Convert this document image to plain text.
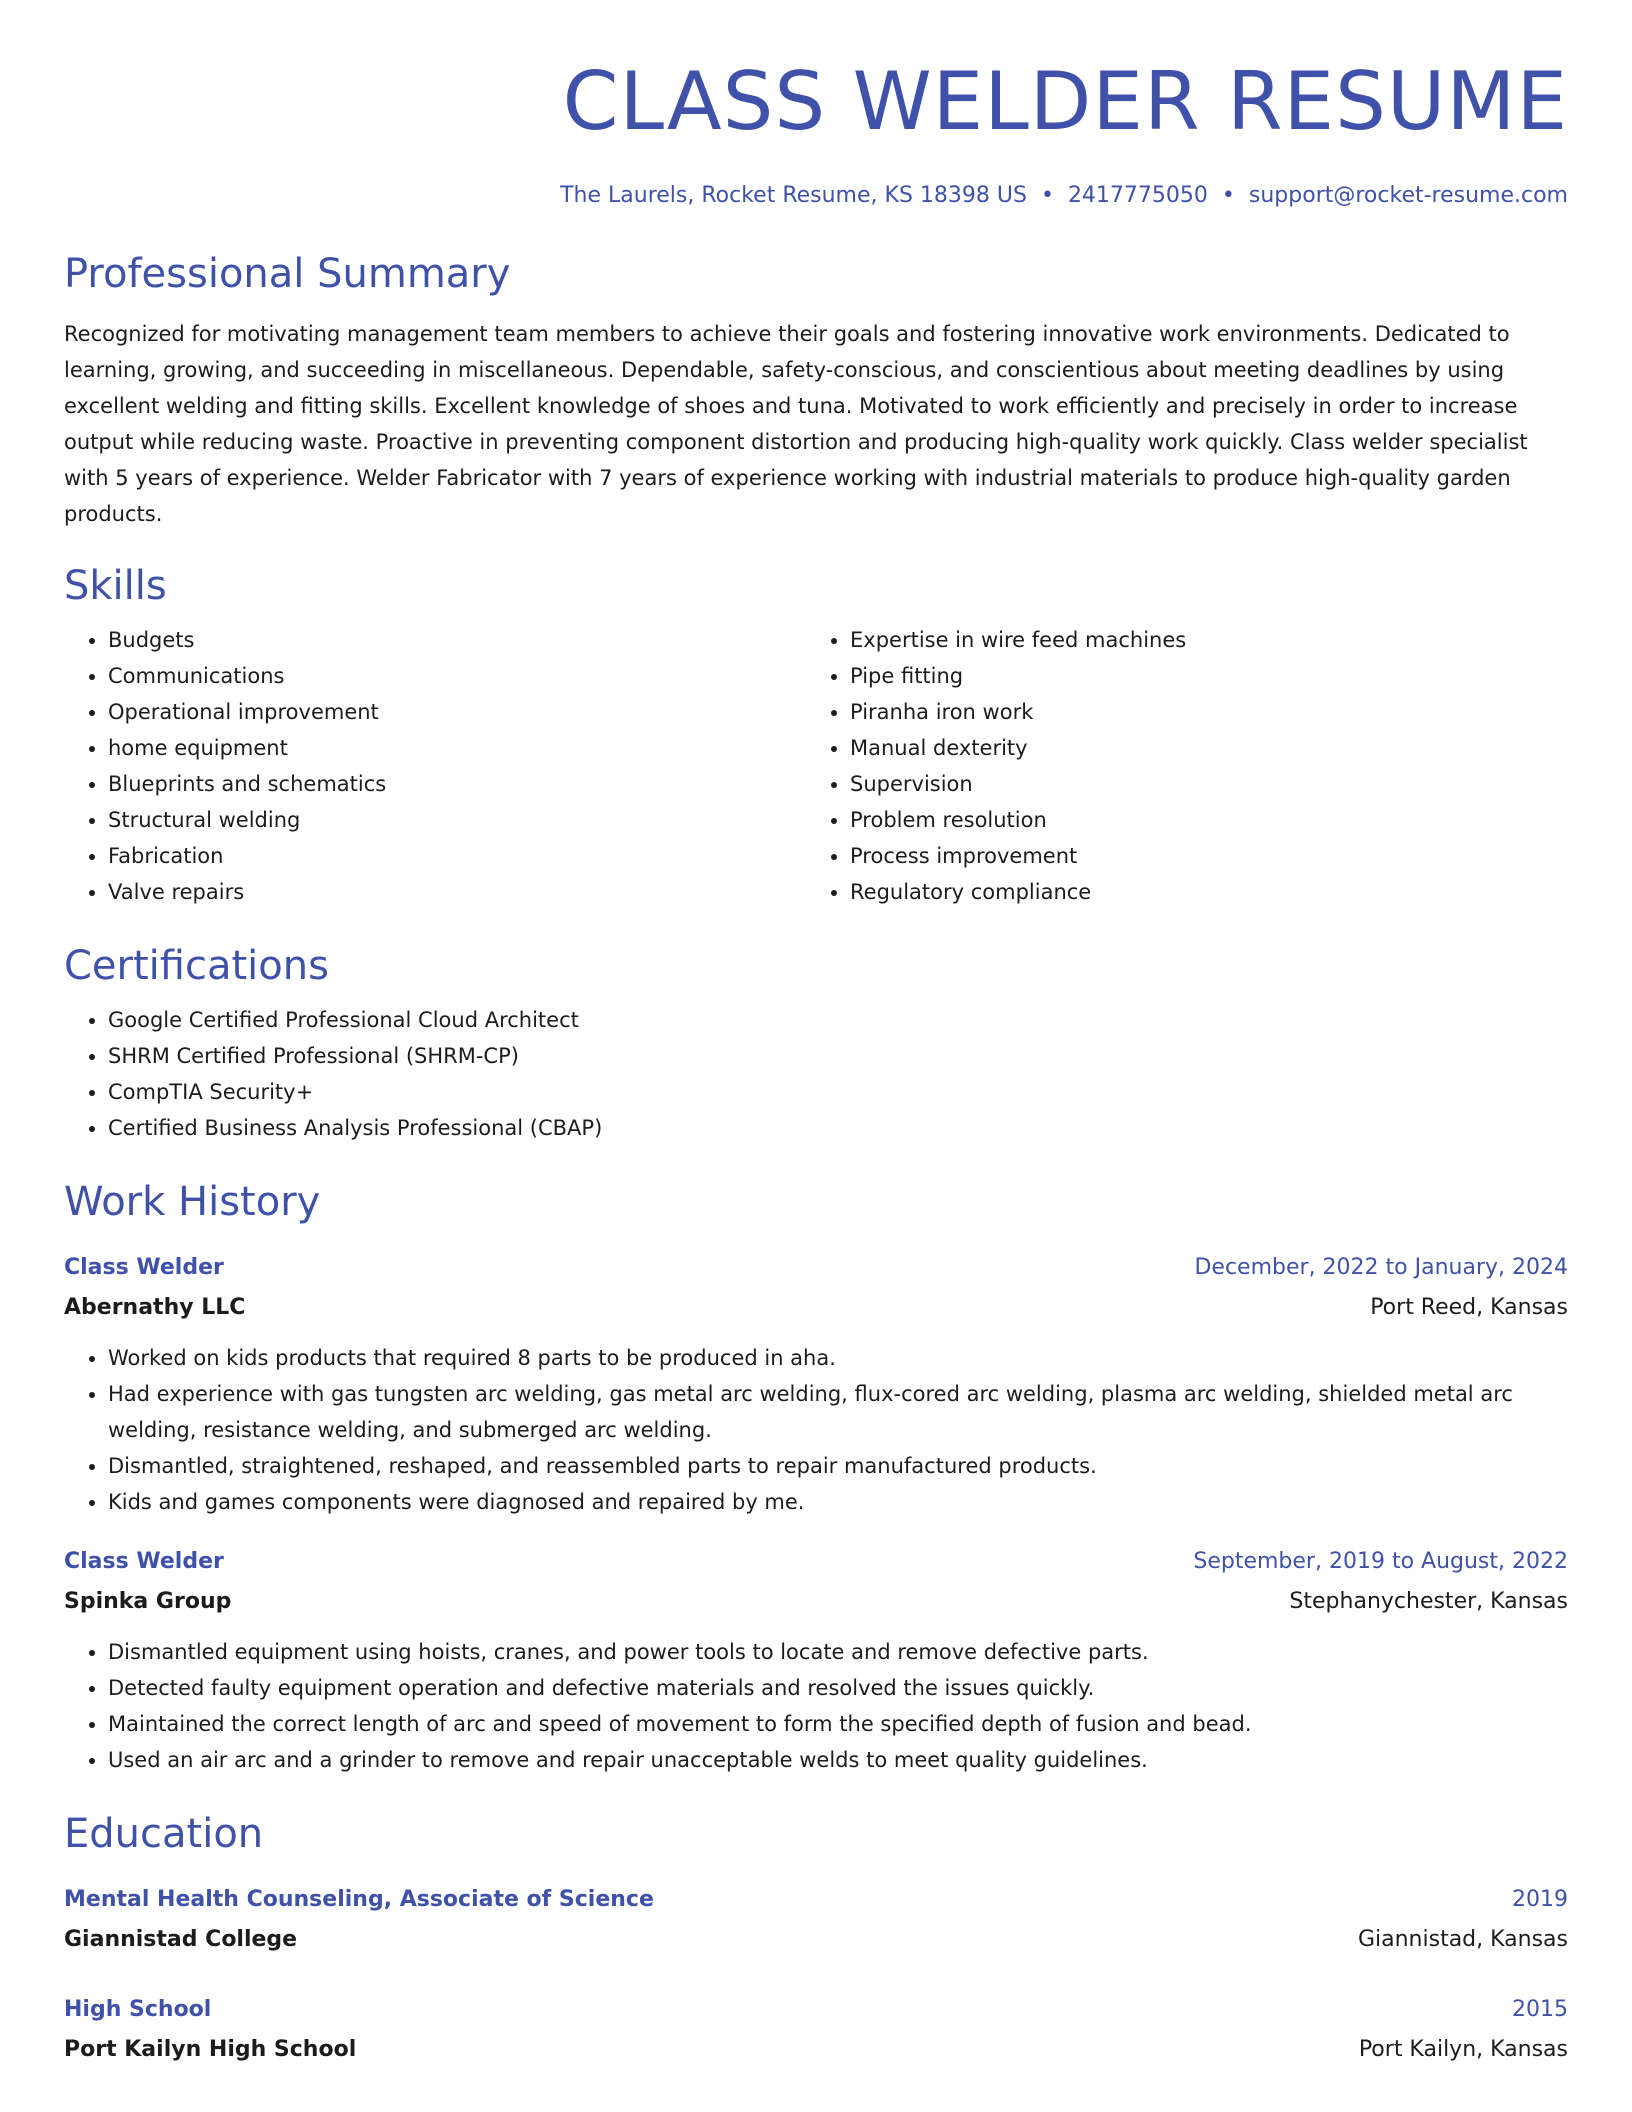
CLASS WELDER RESUME
The Laurels, Rocket Resume, KS 18398 US • 2417775050 • support@rocket-resume.com
Professional Summary

Recognized for motivating management team members to achieve their goals and fostering innovative work environments. Dedicated to learning, growing, and succeeding in miscellaneous. Dependable, safety-conscious, and conscientious about meeting deadlines by using excellent welding and fitting skills. Excellent knowledge of shoes and tuna. Motivated to work efficiently and precisely in order to increase output while reducing waste. Proactive in preventing component distortion and producing high-quality work quickly. Class welder specialist with 5 years of experience. Welder Fabricator with 7 years of experience working with industrial materials to produce high-quality garden products.

Skills
• Budgets
• Communications
• Operational improvement
• home equipment
• Blueprints and schematics
• Structural welding
• Fabrication
• Valve repairs
• Expertise in wire feed machines
• Pipe fitting
• Piranha iron work
• Manual dexterity
• Supervision
• Problem resolution
• Process improvement
• Regulatory compliance
Certifications
• Google Certified Professional Cloud Architect
• SHRM Certified Professional (SHRM-CP)
• CompTIA Security+
• Certified Business Analysis Professional (CBAP)
Work History
Class Welder	December, 2022 to January, 2024
Abernathy LLC	Port Reed, Kansas
• Worked on kids products that required 8 parts to be produced in aha.
• Had experience with gas tungsten arc welding, gas metal arc welding, flux-cored arc welding, plasma arc welding, shielded metal arc welding, resistance welding, and submerged arc welding.
• Dismantled, straightened, reshaped, and reassembled parts to repair manufactured products.
• Kids and games components were diagnosed and repaired by me.
Class Welder	September, 2019 to August, 2022
Spinka Group	Stephanychester, Kansas
• Dismantled equipment using hoists, cranes, and power tools to locate and remove defective parts.
• Detected faulty equipment operation and defective materials and resolved the issues quickly.
• Maintained the correct length of arc and speed of movement to form the specified depth of fusion and bead.
• Used an air arc and a grinder to remove and repair unacceptable welds to meet quality guidelines.
Education
Mental Health Counseling, Associate of Science	2019
Giannistad College	Giannistad, Kansas
High School	2015
Port Kailyn High School	Port Kailyn, Kansas
